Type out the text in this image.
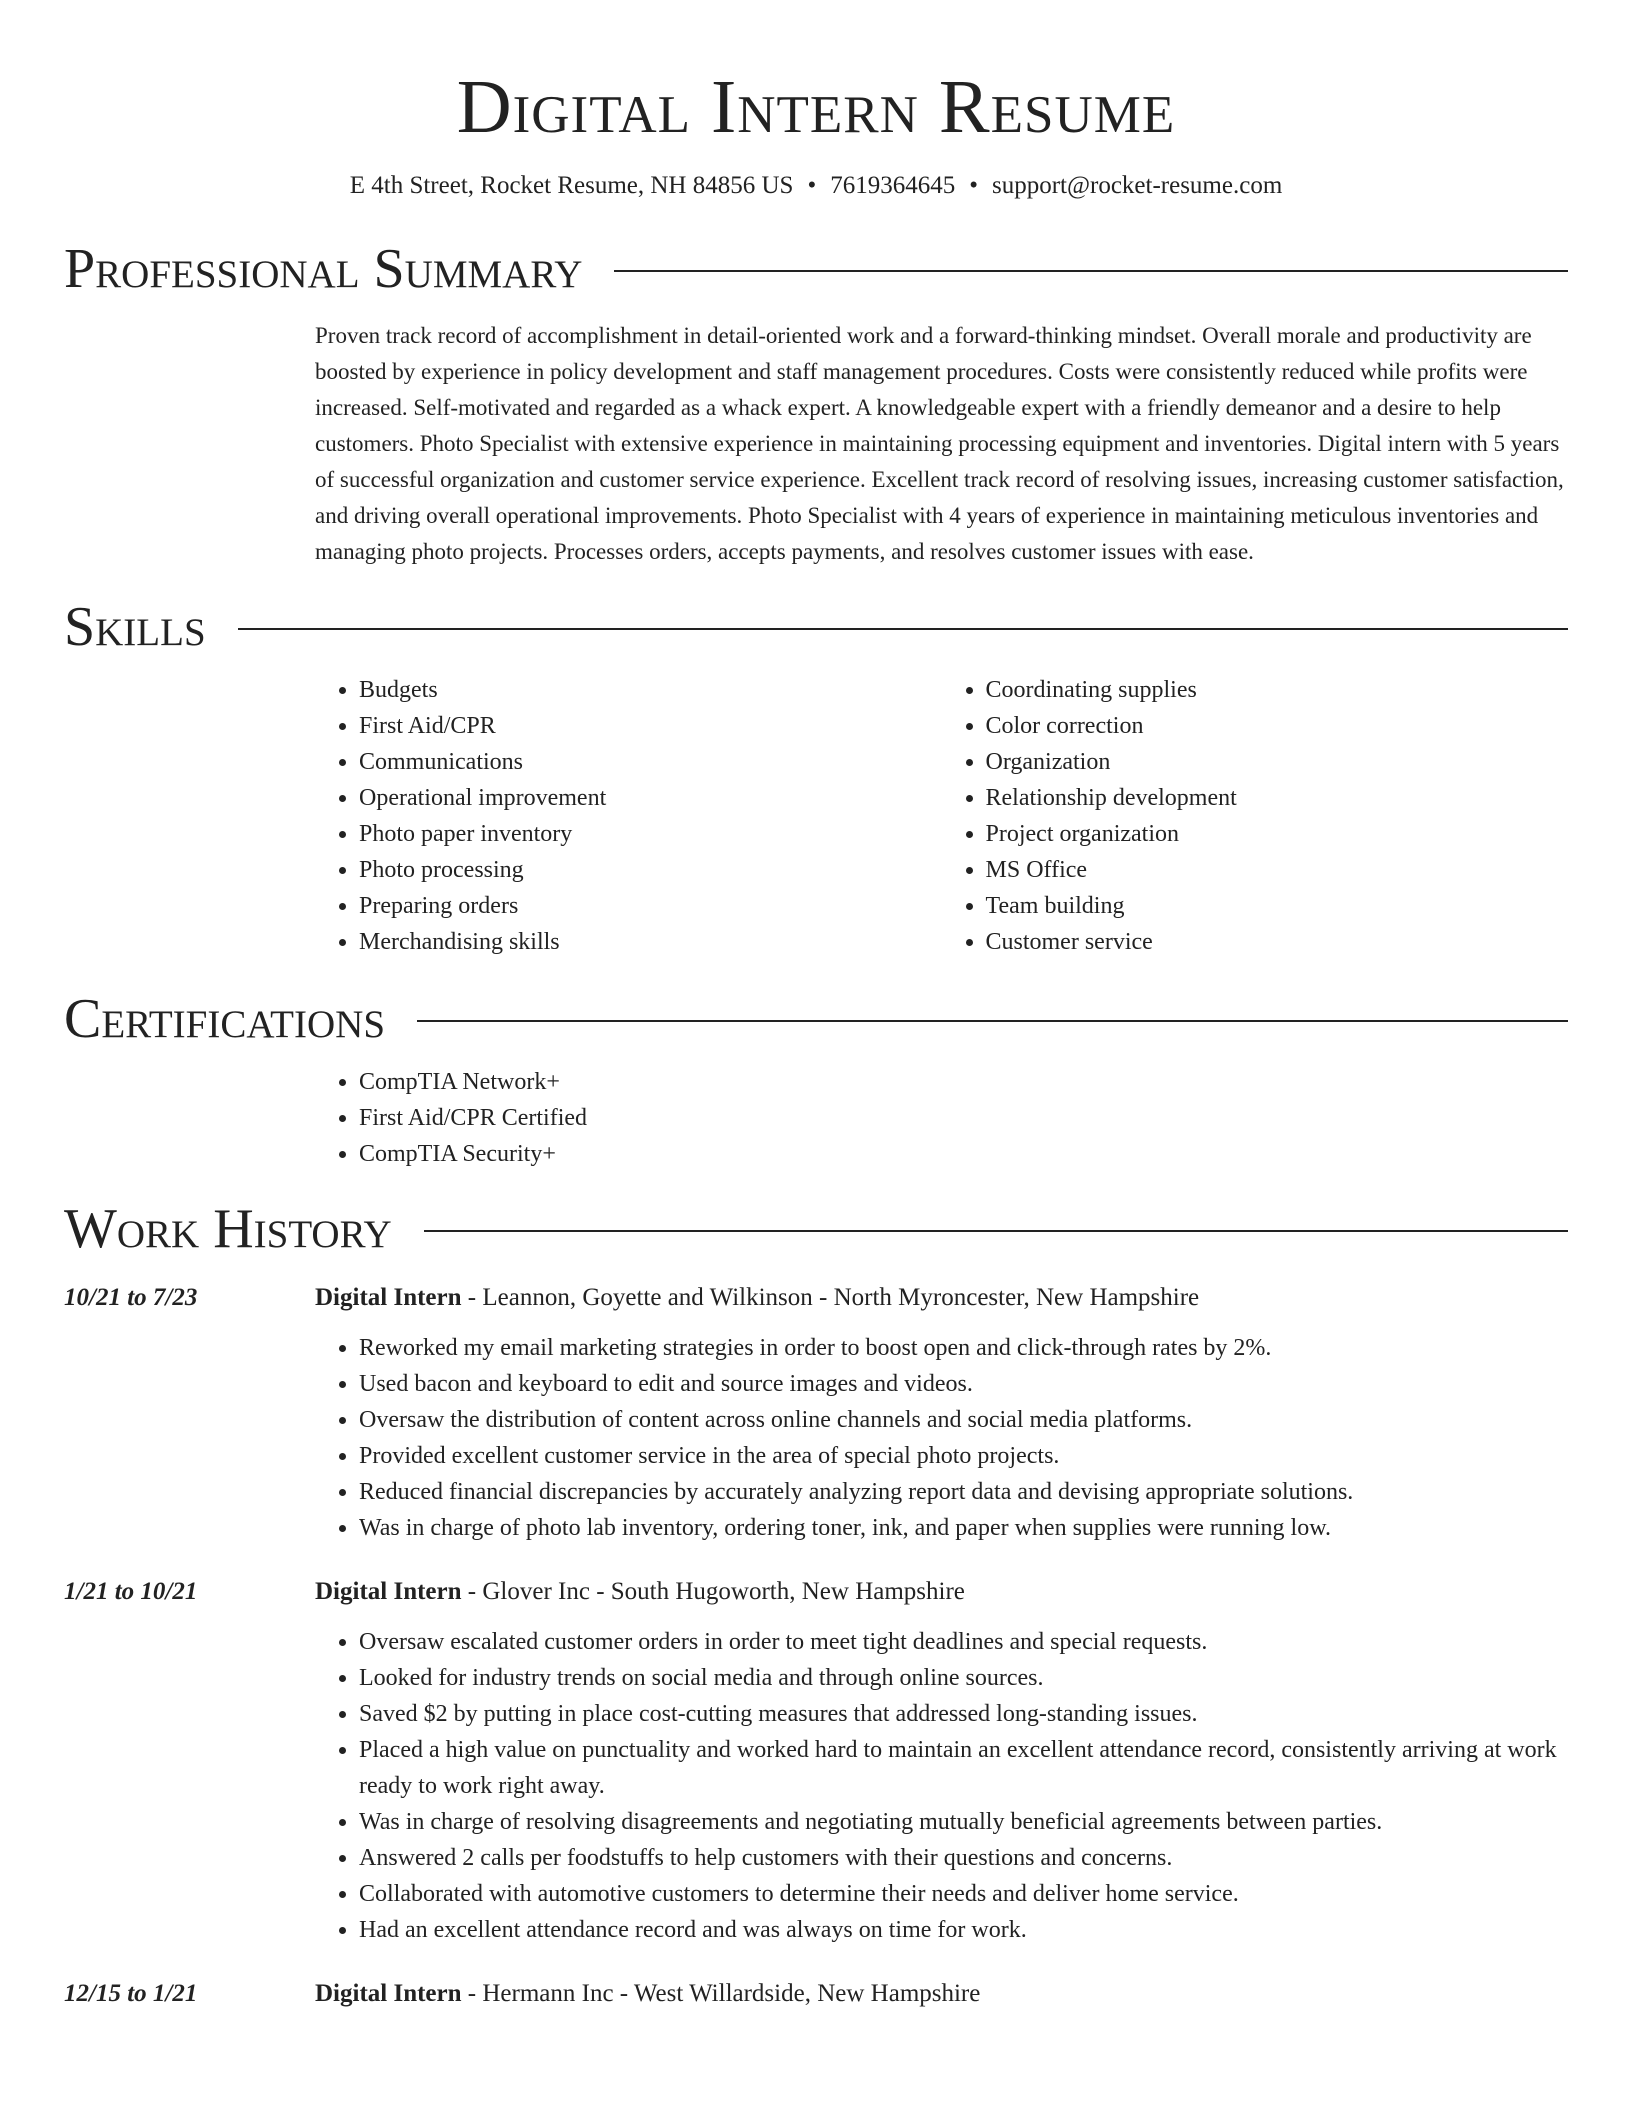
Digital Intern Resume
E 4th Street, Rocket Resume, NH 84856 US • 7619364645 • support@rocket-resume.com
Professional Summary
Proven track record of accomplishment in detail-oriented work and a forward-thinking mindset. Overall morale and productivity are boosted by experience in policy development and staff management procedures. Costs were consistently reduced while profits were increased. Self-motivated and regarded as a whack expert. A knowledgeable expert with a friendly demeanor and a desire to help customers. Photo Specialist with extensive experience in maintaining processing equipment and inventories. Digital intern with 5 years of successful organization and customer service experience. Excellent track record of resolving issues, increasing customer satisfaction, and driving overall operational improvements. Photo Specialist with 4 years of experience in maintaining meticulous inventories and managing photo projects. Processes orders, accepts payments, and resolves customer issues with ease.
Skills
• Budgets
• First Aid/CPR
• Communications
• Operational improvement
• Photo paper inventory
• Photo processing
• Preparing orders
• Merchandising skills
• Coordinating supplies
• Color correction
• Organization
• Relationship development
• Project organization
• MS Office
• Team building
• Customer service
Certifications
• CompTIA Network+
• First Aid/CPR Certified
• CompTIA Security+
Work History
10/21 to 7/23	Digital Intern - Leannon, Goyette and Wilkinson - North Myroncester, New Hampshire
• Reworked my email marketing strategies in order to boost open and click-through rates by 2%.
• Used bacon and keyboard to edit and source images and videos.
• Oversaw the distribution of content across online channels and social media platforms.
• Provided excellent customer service in the area of special photo projects.
• Reduced financial discrepancies by accurately analyzing report data and devising appropriate solutions.
• Was in charge of photo lab inventory, ordering toner, ink, and paper when supplies were running low.
1/21 to 10/21	Digital Intern - Glover Inc - South Hugoworth, New Hampshire
• Oversaw escalated customer orders in order to meet tight deadlines and special requests.
• Looked for industry trends on social media and through online sources.
• Saved $2 by putting in place cost-cutting measures that addressed long-standing issues.
• Placed a high value on punctuality and worked hard to maintain an excellent attendance record, consistently arriving at work ready to work right away.
• Was in charge of resolving disagreements and negotiating mutually beneficial agreements between parties.
• Answered 2 calls per foodstuffs to help customers with their questions and concerns.
• Collaborated with automotive customers to determine their needs and deliver home service.
• Had an excellent attendance record and was always on time for work.
12/15 to 1/21	Digital Intern - Hermann Inc - West Willardside, New Hampshire
